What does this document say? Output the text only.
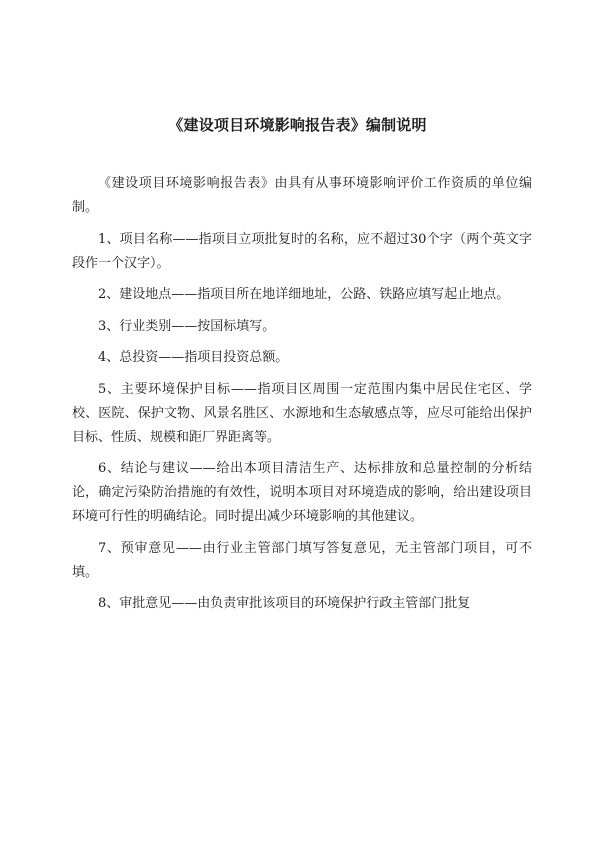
《建设项目环境影响报告表》编制说明

《建设项目环境影响报告表》由具有从事环境影响评价工作资质的单位编制。

1、项目名称——指项目立项批复时的名称，应不超过30个字（两个英文字段作一个汉字）。

2、建设地点——指项目所在地详细地址，公路、铁路应填写起止地点。

3、行业类别——按国标填写。

4、总投资——指项目投资总额。

5、主要环境保护目标——指项目区周围一定范围内集中居民住宅区、学校、医院、保护文物、风景名胜区、水源地和生态敏感点等，应尽可能给出保护目标、性质、规模和距厂界距离等。

6、结论与建议——给出本项目清洁生产、达标排放和总量控制的分析结论，确定污染防治措施的有效性，说明本项目对环境造成的影响，给出建设项目环境可行性的明确结论。同时提出减少环境影响的其他建议。

7、预审意见——由行业主管部门填写答复意见，无主管部门项目，可不填。

8、审批意见——由负责审批该项目的环境保护行政主管部门批复
